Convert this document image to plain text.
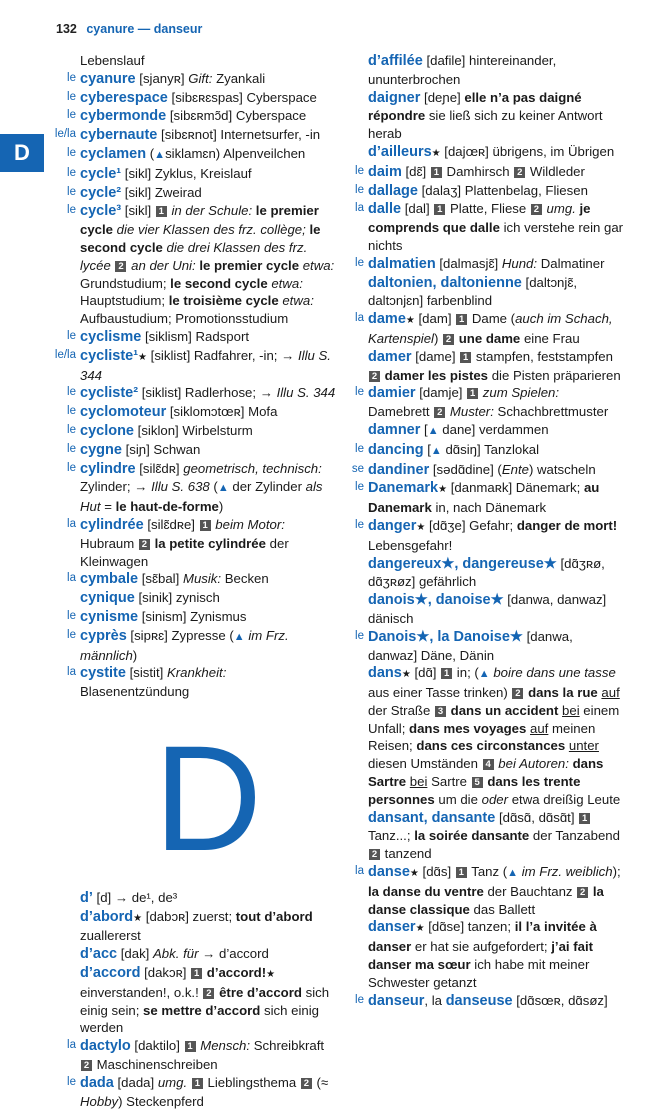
132 cyanure — danseur
D
Lebenslauf
le cyanure [sjanyʀ] Gift: Zyankali
le cyberespace [sibɛʀɛspas] Cyberspace
le cybermonde [sibɛʀmɔ̃d] Cyberspace
le/la cybernaute [sibɛʀnot] Internetsurfer, -in
le cyclamen (▲siklamɛn) Alpenveilchen
le cycle¹ [sikl] Zyklus, Kreislauf
le cycle² [sikl] Zweirad
le cycle³ [sikl] 1 in der Schule: le premier cycle die vier Klassen des frz. collège; le second cycle die drei Klassen des frz. lycée 2 an der Uni: le premier cycle etwa: Grundstudium; le second cycle etwa: Hauptstudium; le troisième cycle etwa: Aufbaustudium; Promotionsstudium
le cyclisme [siklism] Radsport
le/la cycliste¹★ [siklist] Radfahrer, -in; → Illu S. 344
le cycliste² [siklist] Radlerhose; → Illu S. 344
le cyclomoteur [siklomɔtœʀ] Mofa
le cyclone [siklon] Wirbelsturm
le cygne [siɲ] Schwan
le cylindre [silɛ̃dʀ] geometrisch, technisch: Zylinder; → Illu S. 638 (▲ der Zylinder als Hut = le haut-de-forme)
la cylindrée [silɛ̃dʀe] 1 beim Motor: Hubraum 2 la petite cylindrée der Kleinwagen
la cymbale [sɛ̃bal] Musik: Becken
cynique [sinik] zynisch
le cynisme [sinism] Zynismus
le cyprès [sipʀɛ] Zypresse (▲ im Frz. männlich)
la cystite [sistit] Krankheit: Blasenentzündung
D
d’ [d] → de¹, de³
d’abord★ [dabɔʀ] zuerst; tout d’abord zuallererst
d’acc [dak] Abk. für → d’accord
d’accord [dakɔʀ] 1 d’accord!★ einverstanden!, o.k.! 2 être d’accord sich einig sein; se mettre d’accord sich einig werden
la dactylo [daktilo] 1 Mensch: Schreibkraft 2 Maschinenschreiben
le dada [dada] umg. 1 Lieblingsthema 2 (≈ Hobby) Steckenpferd
d’affilée [dafile] hintereinander, ununterbrochen
daigner [deɲe] elle n’a pas daigné répondre sie ließ sich zu keiner Antwort herab
d’ailleurs★ [dajœʀ] übrigens, im Übrigen
le daim [dɛ̃] 1 Damhirsch 2 Wildleder
le dallage [dalaʒ] Plattenbelag, Fliesen
la dalle [dal] 1 Platte, Fliese 2 umg. je comprends que dalle ich verstehe rein gar nichts
le dalmatien [dalmasjɛ̃] Hund: Dalmatiner
daltonien, daltonienne [daltɔnjɛ̃, daltɔnjɛn] farbenblind
la dame★ [dam] 1 Dame (auch im Schach, Kartenspiel) 2 une dame eine Frau
damer [dame] 1 stampfen, feststampfen 2 damer les pistes die Pisten präparieren
le damier [damje] 1 zum Spielen: Damebrett 2 Muster: Schachbrettmuster
damner [▲ dane] verdammen
le dancing [▲ dɑ̃siŋ] Tanzlokal
se dandiner [sədɑ̃dine] (Ente) watscheln
le Danemark★ [danmaʀk] Dänemark; au Danemark in, nach Dänemark
le danger★ [dɑ̃ʒe] Gefahr; danger de mort! Lebensgefahr!
dangereux★, dangereuse★ [dɑ̃ʒʀø, dɑ̃ʒʀøz] gefährlich
danois★, danoise★ [danwa, danwaz] dänisch
le Danois★, la Danoise★ [danwa, danwaz] Däne, Dänin
dans★ [dɑ̃] 1 in; (▲ boire dans une tasse aus einer Tasse trinken) 2 dans la rue auf der Straße 3 dans un accident bei einem Unfall; dans mes voyages auf meinen Reisen; dans ces circonstances unter diesen Umständen 4 bei Autoren: dans Sartre bei Sartre 5 dans les trente personnes um die oder etwa dreißig Leute
dansant, dansante [dɑ̃sɑ̃, dɑ̃sɑ̃t] 1 Tanz...; la soirée dansante der Tanzabend 2 tanzend
la danse★ [dɑ̃s] 1 Tanz (▲ im Frz. weiblich); la danse du ventre der Bauchtanz 2 la danse classique das Ballett
danser★ [dɑ̃se] tanzen; il l’a invitée à danser er hat sie aufgefordert; j’ai fait danser ma sœur ich habe mit meiner Schwester getanzt
le danseur, la danseuse [dɑ̃sœʀ, dɑ̃søz]
